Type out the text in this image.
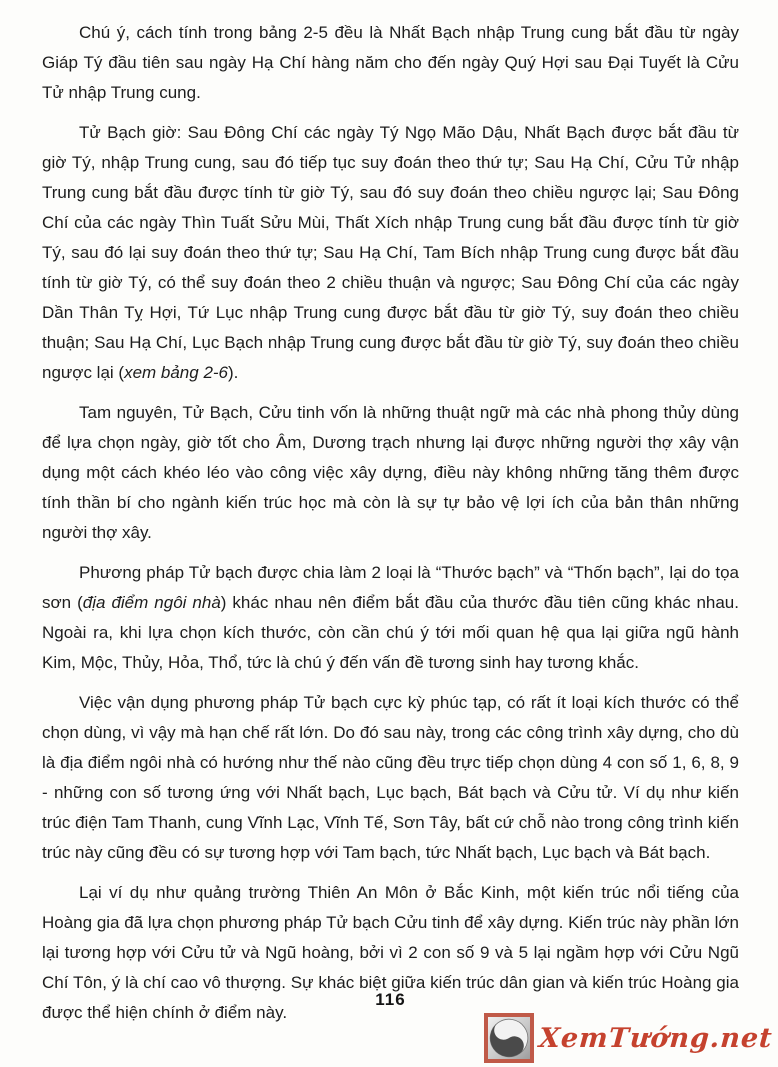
Chú ý, cách tính trong bảng 2-5 đều là Nhất Bạch nhập Trung cung bắt đầu từ ngày Giáp Tý đầu tiên sau ngày Hạ Chí hàng năm cho đến ngày Quý Hợi sau Đại Tuyết là Cửu Tử nhập Trung cung.

Tử Bạch giờ: Sau Đông Chí các ngày Tý Ngọ Mão Dậu, Nhất Bạch được bắt đầu từ giờ Tý, nhập Trung cung, sau đó tiếp tục suy đoán theo thứ tự; Sau Hạ Chí, Cửu Tử nhập Trung cung bắt đầu được tính từ giờ Tý, sau đó suy đoán theo chiều ngược lại; Sau Đông Chí của các ngày Thìn Tuất Sửu Mùi, Thất Xích nhập Trung cung bắt đầu được tính từ giờ Tý, sau đó lại suy đoán theo thứ tự; Sau Hạ Chí, Tam Bích nhập Trung cung được bắt đầu tính từ giờ Tý, có thể suy đoán theo 2 chiều thuận và ngược; Sau Đông Chí của các ngày Dần Thân Tỵ Hợi, Tứ Lục nhập Trung cung được bắt đầu từ giờ Tý, suy đoán theo chiều thuận; Sau Hạ Chí, Lục Bạch nhập Trung cung được bắt đầu từ giờ Tý, suy đoán theo chiều ngược lại (xem bảng 2-6).

Tam nguyên, Tử Bạch, Cửu tinh vốn là những thuật ngữ mà các nhà phong thủy dùng để lựa chọn ngày, giờ tốt cho Âm, Dương trạch nhưng lại được những người thợ xây vận dụng một cách khéo léo vào công việc xây dựng, điều này không những tăng thêm được tính thần bí cho ngành kiến trúc học mà còn là sự tự bảo vệ lợi ích của bản thân những người thợ xây.

Phương pháp Tử bạch được chia làm 2 loại là “Thước bạch” và “Thốn bạch”, lại do tọa sơn (địa điểm ngôi nhà) khác nhau nên điểm bắt đầu của thước đầu tiên cũng khác nhau. Ngoài ra, khi lựa chọn kích thước, còn cần chú ý tới mối quan hệ qua lại giữa ngũ hành Kim, Mộc, Thủy, Hỏa, Thổ, tức là chú ý đến vấn đề tương sinh hay tương khắc.

Việc vận dụng phương pháp Tử bạch cực kỳ phúc tạp, có rất ít loại kích thước có thể chọn dùng, vì vậy mà hạn chế rất lớn. Do đó sau này, trong các công trình xây dựng, cho dù là địa điểm ngôi nhà có hướng như thế nào cũng đều trực tiếp chọn dùng 4 con số 1, 6, 8, 9 - những con số tương ứng với Nhất bạch, Lục bạch, Bát bạch và Cửu tử. Ví dụ như kiến trúc điện Tam Thanh, cung Vĩnh Lạc, Vĩnh Tế, Sơn Tây, bất cứ chỗ nào trong công trình kiến trúc này cũng đều có sự tương hợp với Tam bạch, tức Nhất bạch, Lục bạch và Bát bạch.

Lại ví dụ như quảng trường Thiên An Môn ở Bắc Kinh, một kiến trúc nổi tiếng của Hoàng gia đã lựa chọn phương pháp Tử bạch Cửu tinh để xây dựng. Kiến trúc này phần lớn lại tương hợp với Cửu tử và Ngũ hoàng, bởi vì 2 con số 9 và 5 lại ngầm hợp với Cửu Ngũ Chí Tôn, ý là chí cao vô thượng. Sự khác biệt giữa kiến trúc dân gian và kiến trúc Hoàng gia được thể hiện chính ở điểm này.

116
XemTướng.net
